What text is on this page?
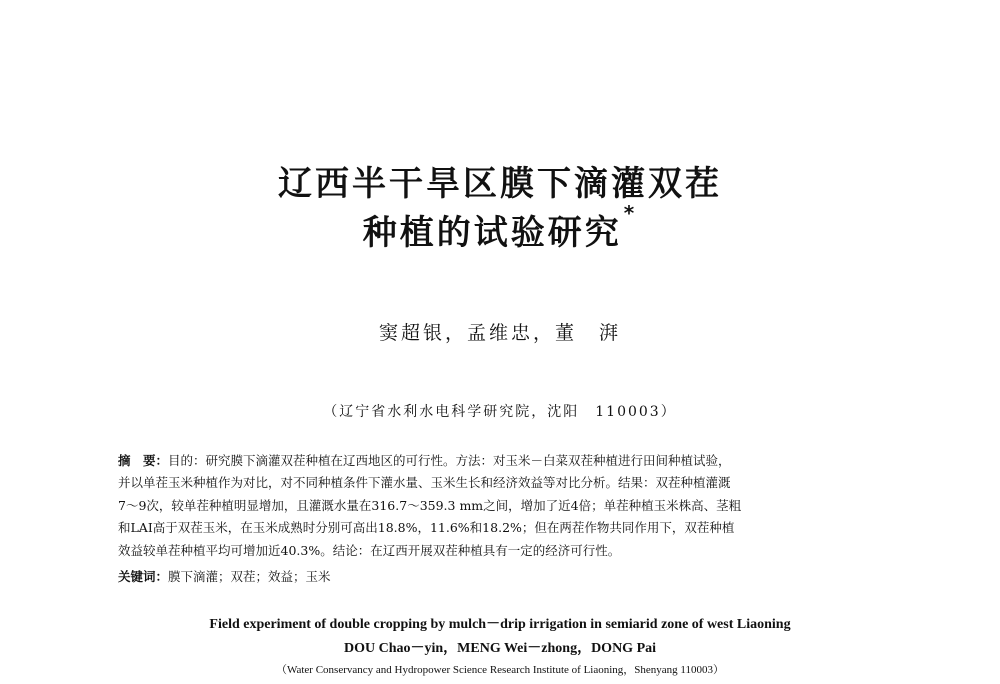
辽西半干旱区膜下滴灌双茬
种植的试验研究 *
窦超银，孟维忠，董　湃
（辽宁省水利水电科学研究院，沈阳　110003）
摘　要：目的：研究膜下滴灌双茬种植在辽西地区的可行性。方法：对玉米－白菜双茬种植进行田间种植试验，
并以单茬玉米种植作为对比，对不同种植条件下灌水量、玉米生长和经济效益等对比分析。结果：双茬种植灌溉
7～9次，较单茬种植明显增加，且灌溉水量在316.7～359.3 mm之间，增加了近4倍；单茬种植玉米株高、茎粗
和LAI高于双茬玉米，在玉米成熟时分别可高出18.8%，11.6%和18.2%；但在两茬作物共同作用下，双茬种植
效益较单茬种植平均可增加近40.3%。结论：在辽西开展双茬种植具有一定的经济可行性。
关键词：膜下滴灌；双茬；效益；玉米
Field experiment of double cropping by mulch－drip irrigation in semiarid zone of west Liaoning
DOU Chao－yin，MENG Wei－zhong，DONG Pai
（Water Conservancy and Hydropower Science Research Institute of Liaoning，Shenyang 110003）
